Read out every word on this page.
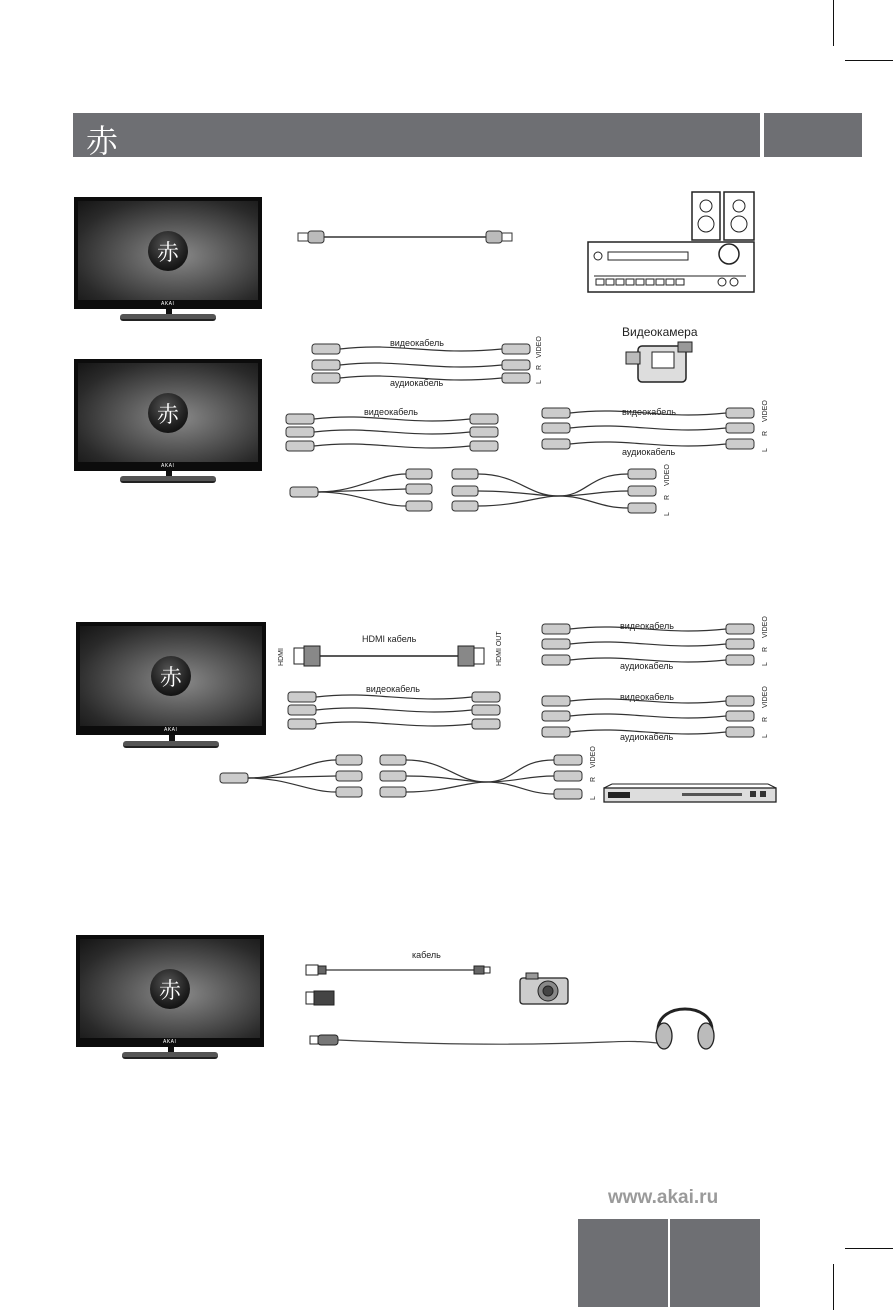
赤
赤
AKAI
赤
AKAI
赤
AKAI
赤
AKAI
Видеокамера
видеокабель
аудиокабель
VIDEO
R
L
видеокабель	видеокабель
аудиокабель
VIDEO
R
L
VIDEO
R
L
HDMI кабель
HDMI	HDMI OUT
видеокабель
аудиокабель
VIDEO
R
L
видеокабель
видеокабель
аудиокабель
VIDEO
R
L
VIDEO
R
L
кабель
www.akai.ru
